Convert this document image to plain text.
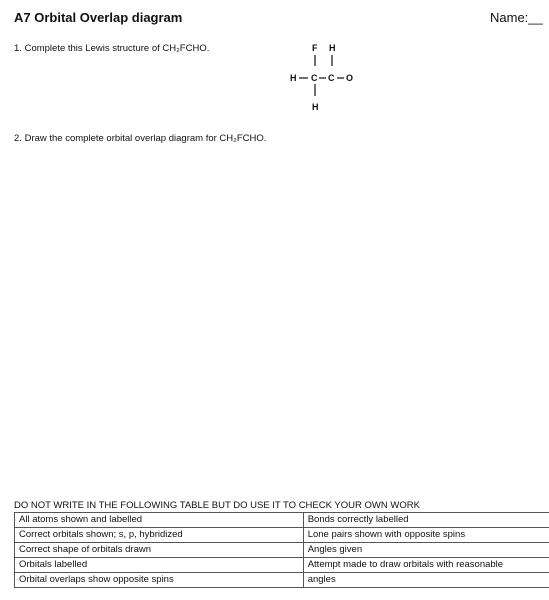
A7 Orbital Overlap diagram	Name:__
1. Complete this Lewis structure of CH₂FCHO.	F H
H C C O
H
2. Draw the complete orbital overlap diagram for CH₂FCHO.
DO NOT WRITE IN THE FOLLOWING TABLE BUT DO USE IT TO CHECK YOUR OWN WORK
All atoms shown and labelled	Bonds correctly labelled	
Correct orbitals shown; s, p, hybridized	Lone pairs shown with opposite spins	
Correct shape of orbitals drawn	Angles given	
Orbitals labelled	Attempt made to draw orbitals with reasonable	
Orbital overlaps show opposite spins	angles	
